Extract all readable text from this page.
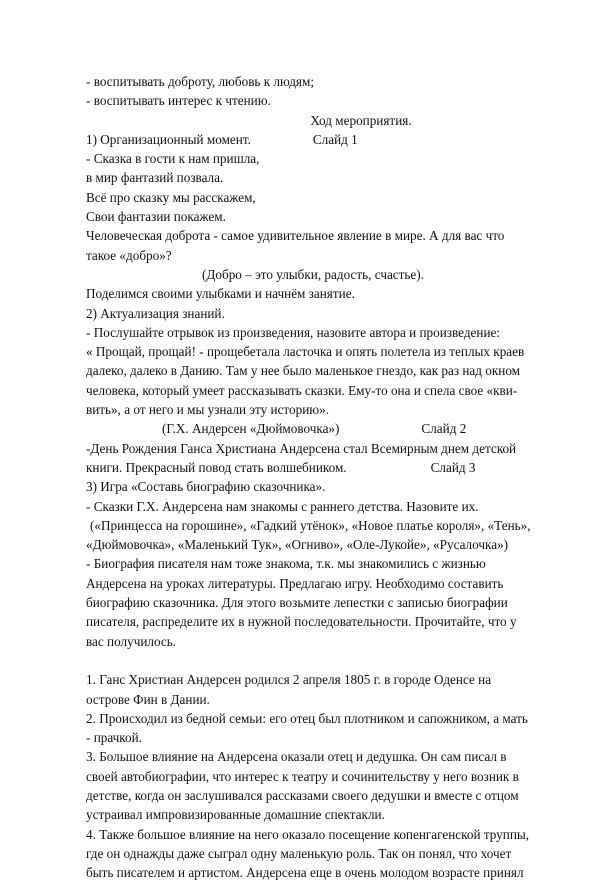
- воспитывать доброту, любовь к людям;
- воспитывать интерес к чтению.
Ход мероприятия.
1) Организационный момент.	Слайд 1
- Сказка в гости к нам пришла,
в мир фантазий позвала.
Всё про сказку мы расскажем,
Свои фантазии покажем.
Человеческая доброта - самое удивительное явление в мире. А для вас что
такое «добро»?
(Добро – это улыбки, радость, счастье).
Поделимся своими улыбками и начнём занятие.
2) Актуализация знаний.
- Послушайте отрывок из произведения, назовите автора и произведение:
« Прощай, прощай! - прощебетала ласточка и опять полетела из теплых краев
далеко, далеко в Данию. Там у нее было маленькое гнездо, как раз над окном
человека, который умеет рассказывать сказки. Ему-то она и спела свое «кви-
вить», а от него и мы узнали эту историю».
(Г.Х. Андерсен «Дюймовочка»)	Слайд 2
-День Рождения Ганса Христиана Андерсена стал Всемирным днем детской
книги. Прекрасный повод стать волшебником.	Слайд 3
3) Игра «Составь биографию сказочника».
- Сказки Г.Х. Андерсена нам знакомы с раннего детства. Назовите их.
(«Принцесса на горошине», «Гадкий утёнок», «Новое платье короля», «Тень»,
«Дюймовочка», «Маленький Тук», «Огниво», «Оле-Лукойе», «Русалочка»)
- Биография писателя нам тоже знакома, т.к. мы знакомились с жизнью
Андерсена на уроках литературы. Предлагаю игру. Необходимо составить
биографию сказочника. Для этого возьмите лепестки с записью биографии
писателя, распределите их в нужной последовательности. Прочитайте, что у
вас получилось.
1. Ганс Христиан Андерсен родился 2 апреля 1805 г. в городе Оденсе на
острове Фин в Дании.
2. Происходил из бедной семьи: его отец был плотником и сапожником, а мать
- прачкой.
3. Большое влияние на Андерсена оказали отец и дедушка. Он сам писал в
своей автобиографии, что интерес к театру и сочинительству у него возник в
детстве, когда он заслушивался рассказами своего дедушки и вместе с отцом
устраивал импровизированные домашние спектакли.
4. Также большое влияние на него оказало посещение копенгагенской труппы,
где он однажды даже сыграл одну маленькую роль. Так он понял, что хочет
быть писателем и артистом. Андерсена еще в очень молодом возрасте принял
